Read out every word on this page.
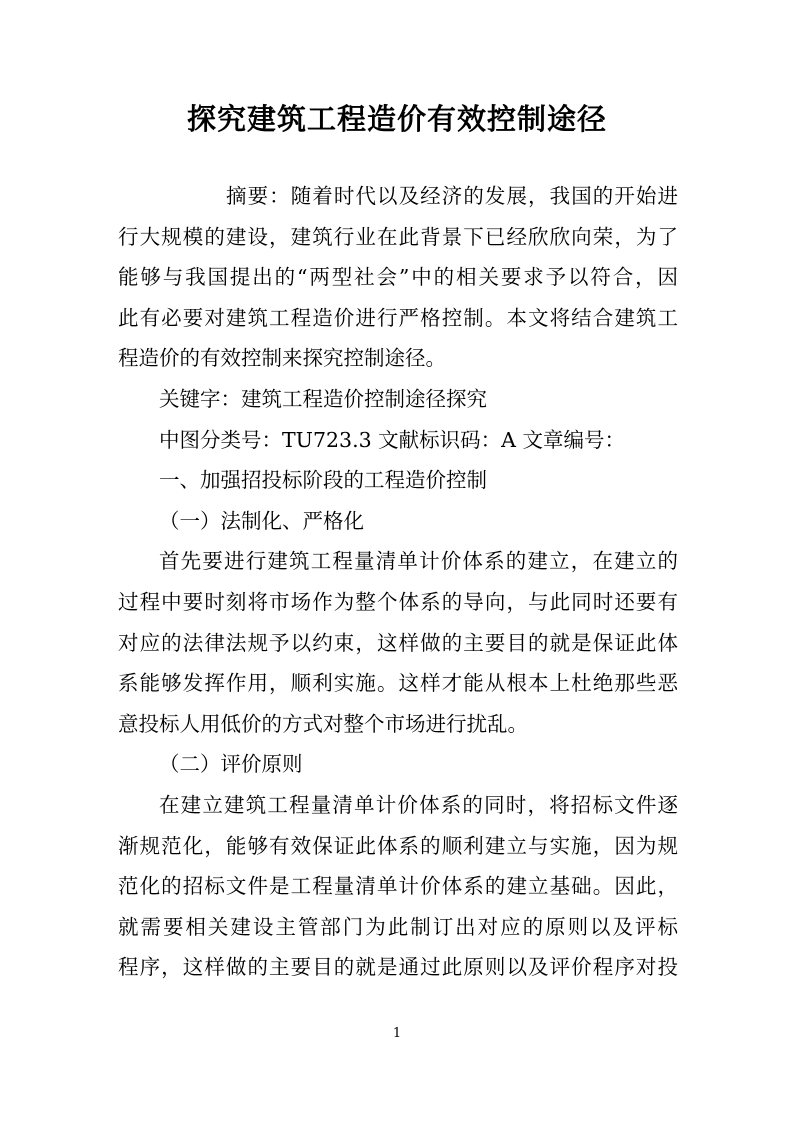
探究建筑工程造价有效控制途径
摘要：随着时代以及经济的发展，我国的开始进
行大规模的建设，建筑行业在此背景下已经欣欣向荣，为了
能够与我国提出的“两型社会”中的相关要求予以符合，因
此有必要对建筑工程造价进行严格控制。本文将结合建筑工
程造价的有效控制来探究控制途径。
关键字：建筑工程造价控制途径探究
中图分类号：TU723.3 文献标识码：A 文章编号：
一、加强招投标阶段的工程造价控制
（一）法制化、严格化
首先要进行建筑工程量清单计价体系的建立，在建立的
过程中要时刻将市场作为整个体系的导向，与此同时还要有
对应的法律法规予以约束，这样做的主要目的就是保证此体
系能够发挥作用，顺利实施。这样才能从根本上杜绝那些恶
意投标人用低价的方式对整个市场进行扰乱。
（二）评价原则
在建立建筑工程量清单计价体系的同时，将招标文件逐
渐规范化，能够有效保证此体系的顺利建立与实施，因为规
范化的招标文件是工程量清单计价体系的建立基础。因此，
就需要相关建设主管部门为此制订出对应的原则以及评标
程序，这样做的主要目的就是通过此原则以及评价程序对投
1
